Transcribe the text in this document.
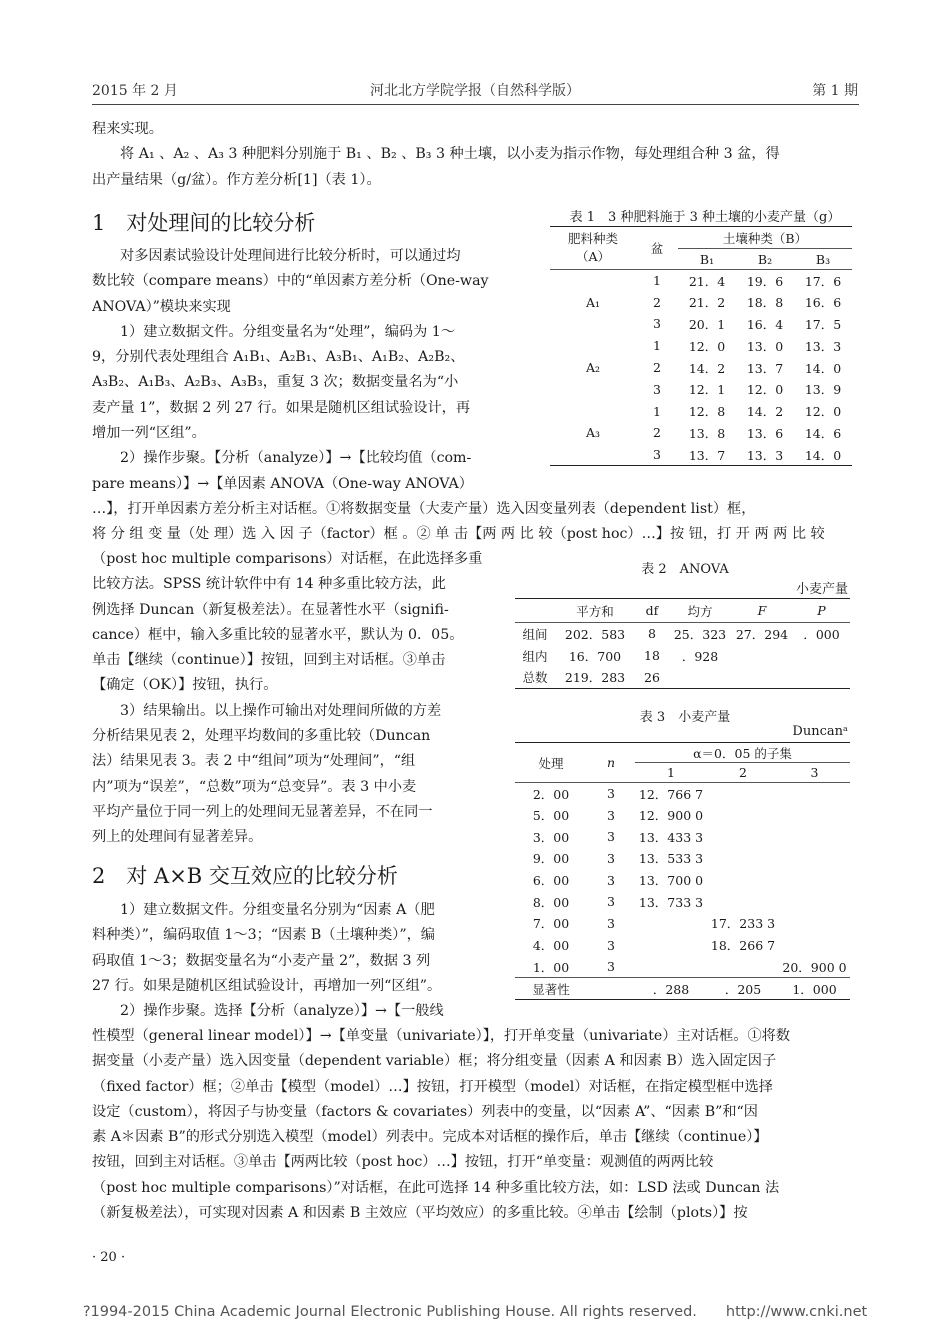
2015 年 2 月	河北北方学院学报（自然科学版）	第 1 期
程来实现。
将 A₁ 、A₂ 、A₃ 3 种肥料分别施于 B₁ 、B₂ 、B₃ 3 种土壤，以小麦为指示作物，每处理组合种 3 盆，得
出产量结果（g/盆）。作方差分析[1]（表 1）。
1　对处理间的比较分析
对多因素试验设计处理间进行比较分析时，可以通过均
数比较（compare means）中的“单因素方差分析（One-way
ANOVA）”模块来实现
1）建立数据文件。分组变量名为“处理”，编码为 1～
9，分别代表处理组合 A₁B₁、A₂B₁、A₃B₁、A₁B₂、A₂B₂、
A₃B₂、A₁B₃、A₂B₃、A₃B₃，重复 3 次；数据变量名为“小
麦产量 1”，数据 2 列 27 行。如果是随机区组试验设计，再
增加一列“区组”。
2）操作步聚。【分析（analyze）】→【比较均值（com-
pare means）】→【单因素 ANOVA（One-way ANOVA）
…】，打开单因素方差分析主对话框。①将数据变量（大麦产量）选入因变量列表（dependent list）框，
将 分 组 变 量（处 理）选 入 因 子（factor）框 。② 单 击【两 两 比 较（post hoc）…】按 钮，打 开 两 两 比 较
（post hoc multiple comparisons）对话框，在此选择多重
比较方法。SPSS 统计软件中有 14 种多重比较方法，此
例选择 Duncan（新复极差法）。在显著性水平（signifi-
cance）框中，输入多重比较的显著水平，默认为 0．05。
单击【继续（continue）】按钮，回到主对话框。③单击
【确定（OK）】按钮，执行。
3）结果输出。以上操作可输出对处理间所做的方差
分析结果见表 2，处理平均数间的多重比较（Duncan
法）结果见表 3。表 2 中“组间”项为“处理间”，“组
内”项为“误差”，“总数”项为“总变异”。表 3 中小麦
平均产量位于同一列上的处理间无显著差异，不在同一
列上的处理间有显著差异。
2　对 A×B 交互效应的比较分析
1）建立数据文件。分组变量名分别为“因素 A（肥
料种类）”，编码取值 1～3；“因素 B（土壤种类）”，编
码取值 1～3；数据变量名为“小麦产量 2”，数据 3 列
27 行。如果是随机区组试验设计，再增加一列“区组”。
2）操作步聚。选择【分析（analyze）】→【一般线
性模型（general linear model）】→【单变量（univariate）】，打开单变量（univariate）主对话框。①将数
据变量（小麦产量）选入因变量（dependent variable）框；将分组变量（因素 A 和因素 B）选入固定因子
（fixed factor）框；②单击【模型（model）…】按钮，打开模型（model）对话框，在指定模型框中选择
设定（custom），将因子与协变量（factors & covariates）列表中的变量，以“因素 A”、“因素 B”和“因
素 A＊因素 B”的形式分别选入模型（model）列表中。完成本对话框的操作后，单击【继续（continue）】
按钮，回到主对话框。③单击【两两比较（post hoc）…】按钮，打开“单变量：观测值的两两比较
（post hoc multiple comparisons）”对话框，在此可选择 14 种多重比较方法，如：LSD 法或 Duncan 法
（新复极差法），可实现对因素 A 和因素 B 主效应（平均效应）的多重比较。④单击【绘制（plots）】按
表 1　3 种肥料施于 3 种土壤的小麦产量（g）
肥料种类
（A）	盆	土壤种类（B）		
		B₁	B₂	B₃
A₁	1	21．4	19．6	17．6
	2	21．2	18．8	16．6
	3	20．1	16．4	17．5
A₂	1	12．0	13．0	13．3
	2	14．2	13．7	14．0
	3	12．1	12．0	13．9
A₃	1	12．8	14．2	12．0
	2	13．8	13．6	14．6
	3	13．7	13．3	14．0
表 2　ANOVA
小麦产量
	平方和	df	均方	F	P
组间	202．583	8	25．323	27．294	．000
组内	16．700	18	．928		
总数	219．283	26			
表 3　小麦产量
Duncanᵃ
处理	n	α＝0．05 的子集		
		1	2	3
2．00	3	12．766 7		
5．00	3	12．900 0		
3．00	3	13．433 3		
9．00	3	13．533 3		
6．00	3	13．700 0		
8．00	3	13．733 3		
7．00	3		17．233 3	
4．00	3		18．266 7	
1．00	3			20．900 0
显著性		．288	．205	1．000
· 20 ·
?1994-2015 China Academic Journal Electronic Publishing House. All rights reserved.　　http://www.cnki.net
